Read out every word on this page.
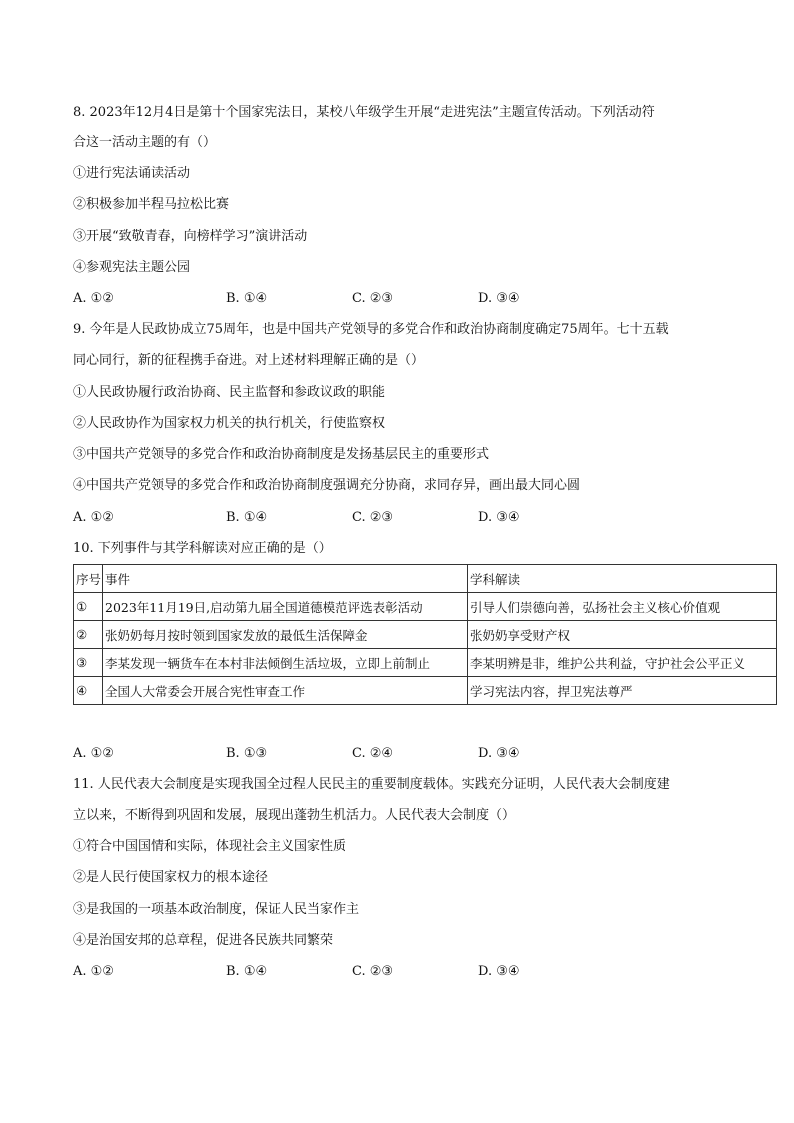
8. 2023年12月4日是第十个国家宪法日，某校八年级学生开展“走进宪法”主题宣传活动。下列活动符
合这一活动主题的有（）
①进行宪法诵读活动
②积极参加半程马拉松比赛
③开展“致敬青春，向榜样学习”演讲活动
④参观宪法主题公园
A. ①②	B. ①④	C. ②③	D. ③④
9. 今年是人民政协成立75周年，也是中国共产党领导的多党合作和政治协商制度确定75周年。七十五载
同心同行，新的征程携手奋进。对上述材料理解正确的是（）
①人民政协履行政治协商、民主监督和参政议政的职能
②人民政协作为国家权力机关的执行机关，行使监察权
③中国共产党领导的多党合作和政治协商制度是发扬基层民主的重要形式
④中国共产党领导的多党合作和政治协商制度强调充分协商，求同存异，画出最大同心圆
A. ①②	B. ①④	C. ②③	D. ③④
10. 下列事件与其学科解读对应正确的是（）
序号	事件	学科解读
①	2023年11月19日,启动第九届全国道德模范评选表彰活动	引导人们崇德向善，弘扬社会主义核心价值观
②	张奶奶每月按时领到国家发放的最低生活保障金	张奶奶享受财产权
③	李某发现一辆货车在本村非法倾倒生活垃圾，立即上前制止	李某明辨是非，维护公共利益，守护社会公平正义
④	全国人大常委会开展合宪性审查工作	学习宪法内容，捍卫宪法尊严
A. ①②	B. ①③	C. ②④	D. ③④
11. 人民代表大会制度是实现我国全过程人民民主的重要制度载体。实践充分证明，人民代表大会制度建
立以来，不断得到巩固和发展，展现出蓬勃生机活力。人民代表大会制度（）
①符合中国国情和实际，体现社会主义国家性质
②是人民行使国家权力的根本途径
③是我国的一项基本政治制度，保证人民当家作主
④是治国安邦的总章程，促进各民族共同繁荣
A. ①②	B. ①④	C. ②③	D. ③④
